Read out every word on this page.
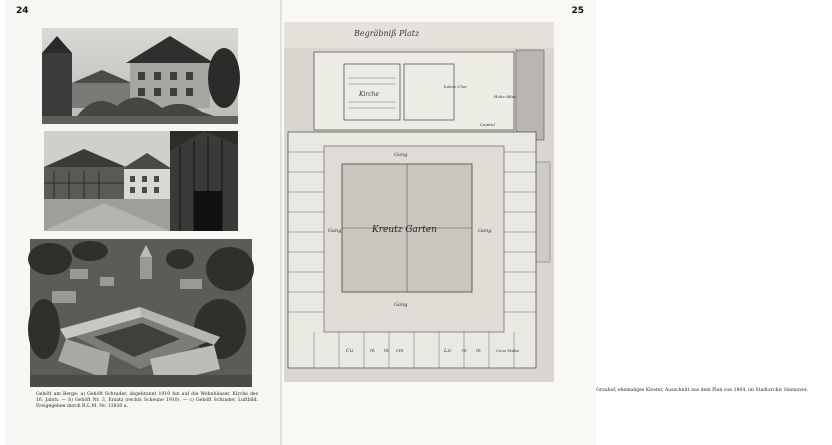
24
Gehöft am Berge; a) Gehöft Schrader, abgebrannt 1910 hin auf die Wohnhäuser. Kirche des 16. Jahrh. — b) Gehöft Nr. 3, Ersatz (rechts Scheune 1910). — c) Gehöft Schrader, Luftbild. Freigegeben durch R.L.M. Nr. 13830 a.
25
Begräbniß Platz
Kirche
hohes Chor
Hohe Altar
Capitul
Kreutz Garten
Gang
Gang
Gang	Gang
Cu	m m cm	Lic m m	Cura Stube
Grauhof, ehemaliges Kloster, Ausschnitt aus dem Plan von 1804, im Stadtarchiv Hannover.
